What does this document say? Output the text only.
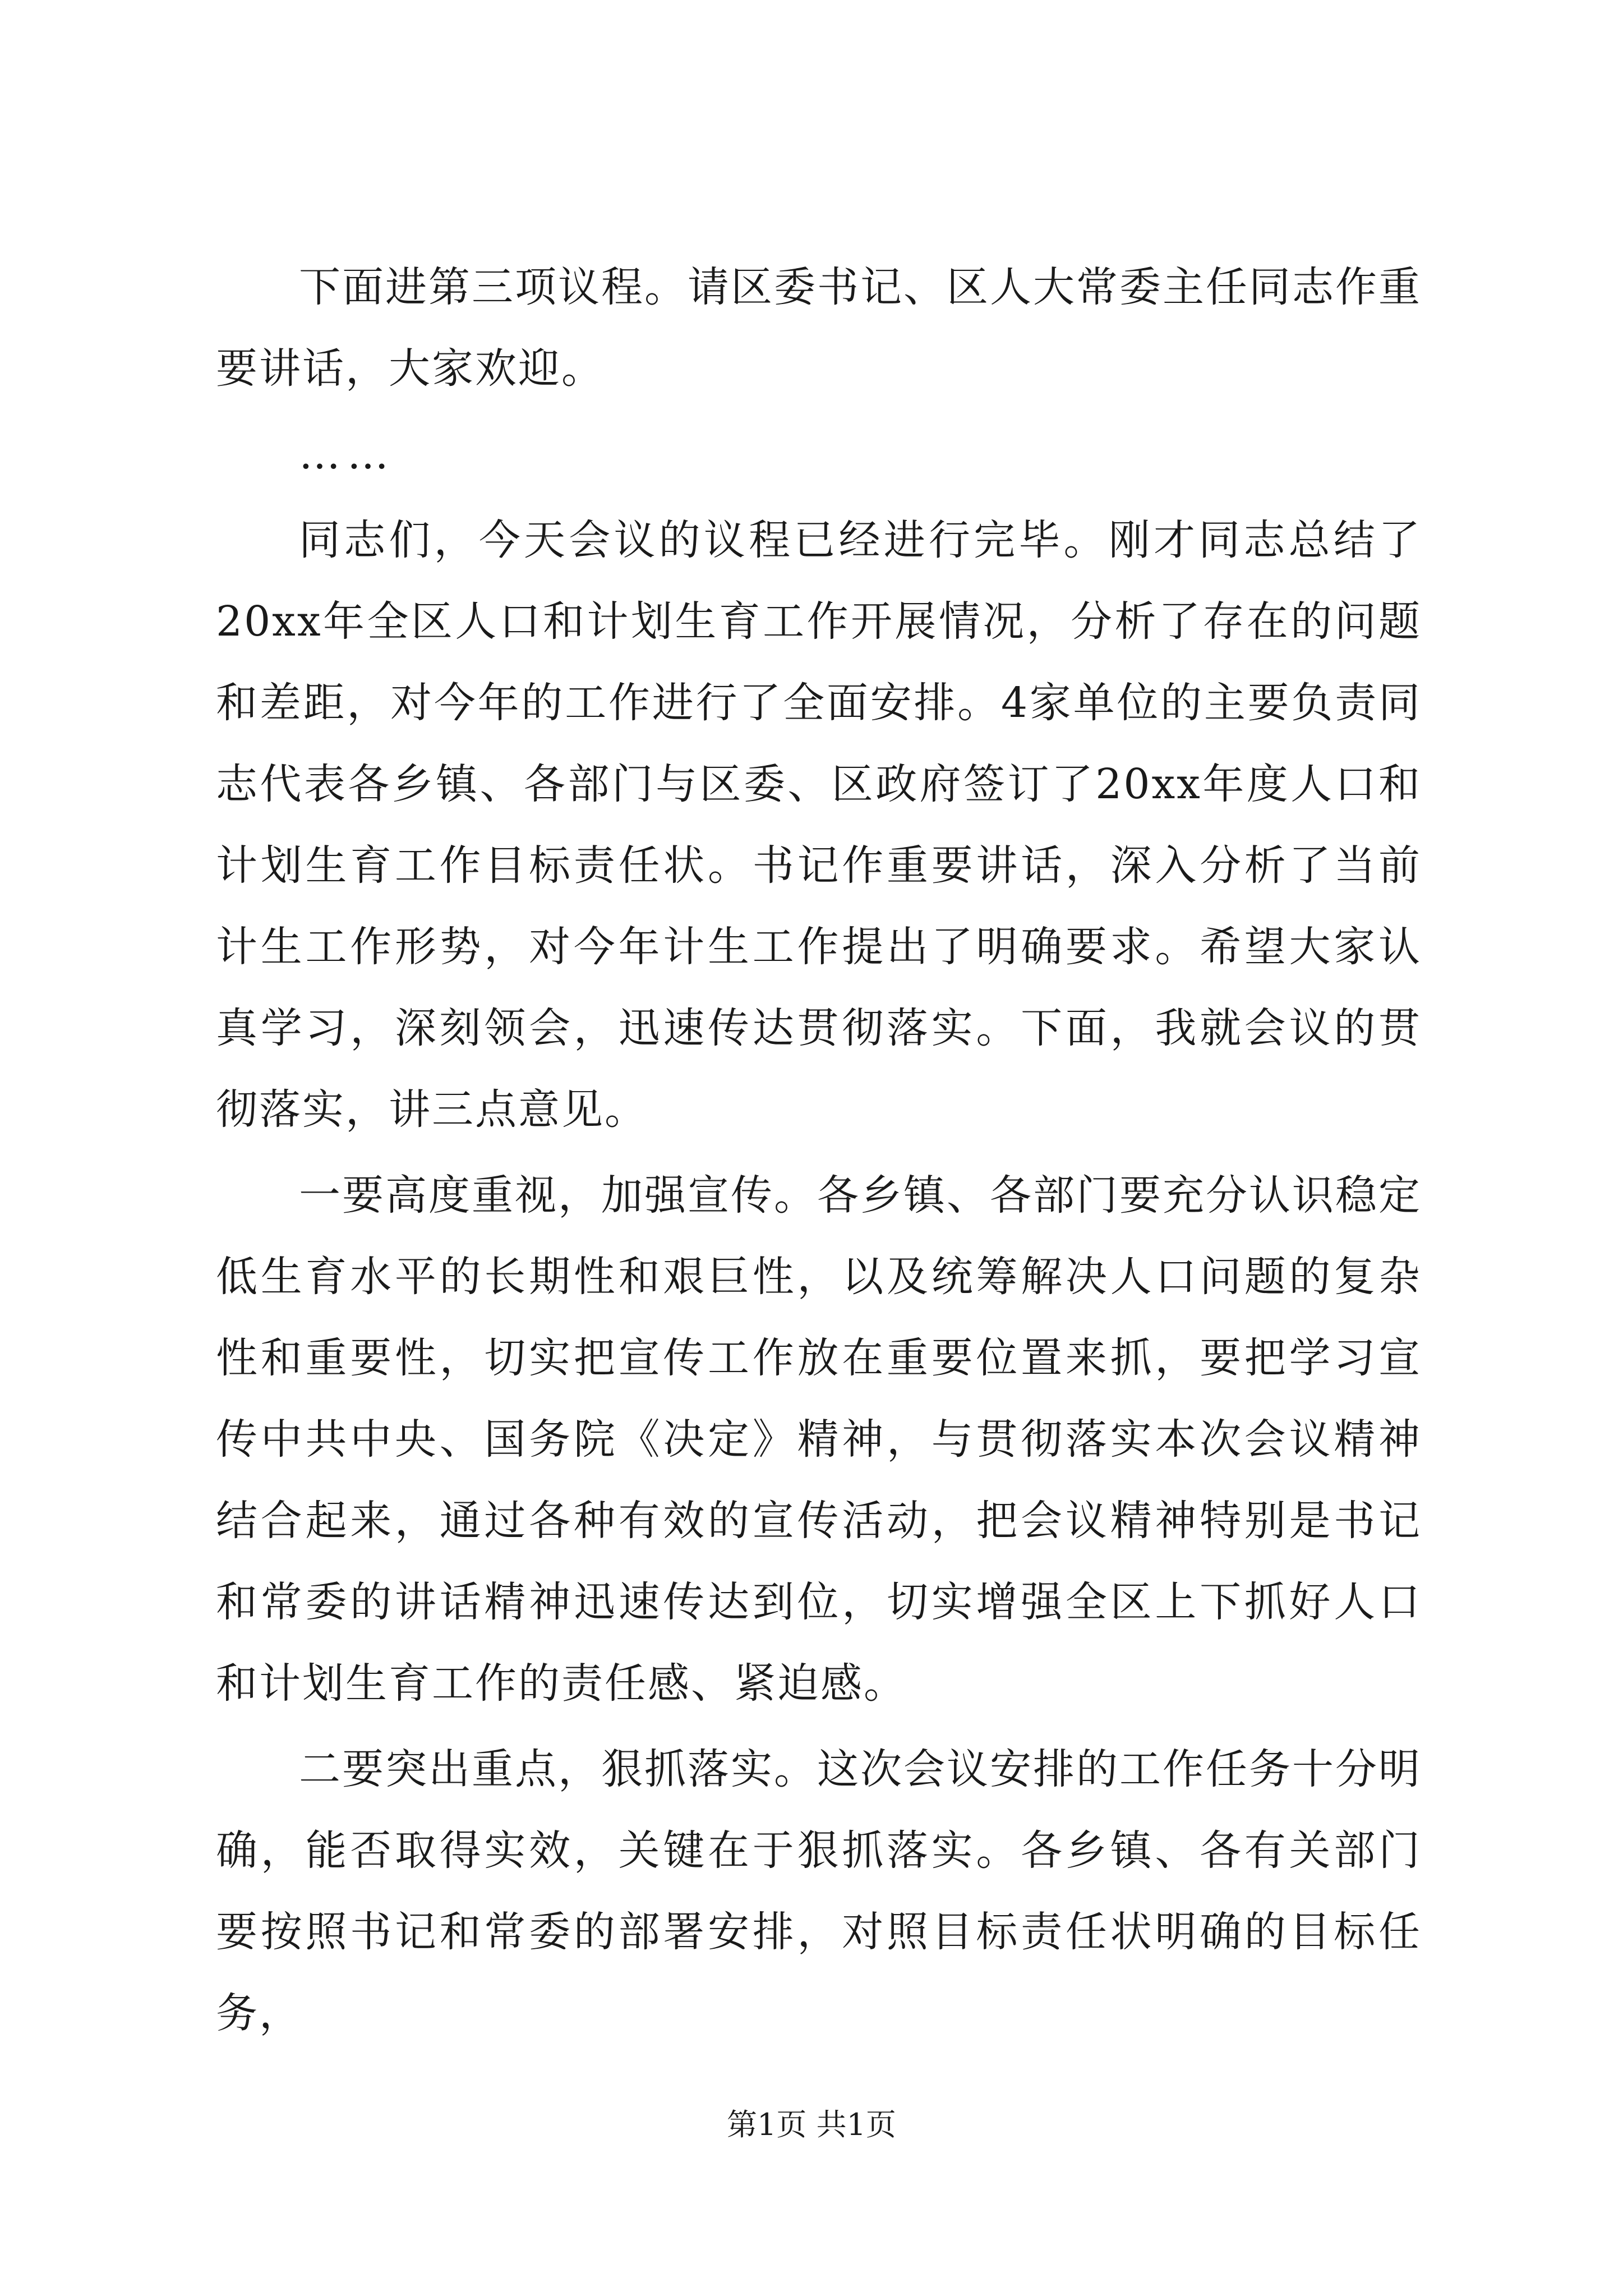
下面进第三项议程。请区委书记、区人大常委主任同志作重要讲话，大家欢迎。

……

同志们，今天会议的议程已经进行完毕。刚才同志总结了20xx年全区人口和计划生育工作开展情况，分析了存在的问题和差距，对今年的工作进行了全面安排。4家单位的主要负责同志代表各乡镇、各部门与区委、区政府签订了20xx年度人口和计划生育工作目标责任状。书记作重要讲话，深入分析了当前计生工作形势，对今年计生工作提出了明确要求。希望大家认真学习，深刻领会，迅速传达贯彻落实。下面，我就会议的贯彻落实，讲三点意见。

一要高度重视，加强宣传。各乡镇、各部门要充分认识稳定低生育水平的长期性和艰巨性，以及统筹解决人口问题的复杂性和重要性，切实把宣传工作放在重要位置来抓，要把学习宣传中共中央、国务院《决定》精神，与贯彻落实本次会议精神结合起来，通过各种有效的宣传活动，把会议精神特别是书记和常委的讲话精神迅速传达到位，切实增强全区上下抓好人口和计划生育工作的责任感、紧迫感。

二要突出重点，狠抓落实。这次会议安排的工作任务十分明确，能否取得实效，关键在于狠抓落实。各乡镇、各有关部门要按照书记和常委的部署安排，对照目标责任状明确的目标任务，

第1页 共1页
